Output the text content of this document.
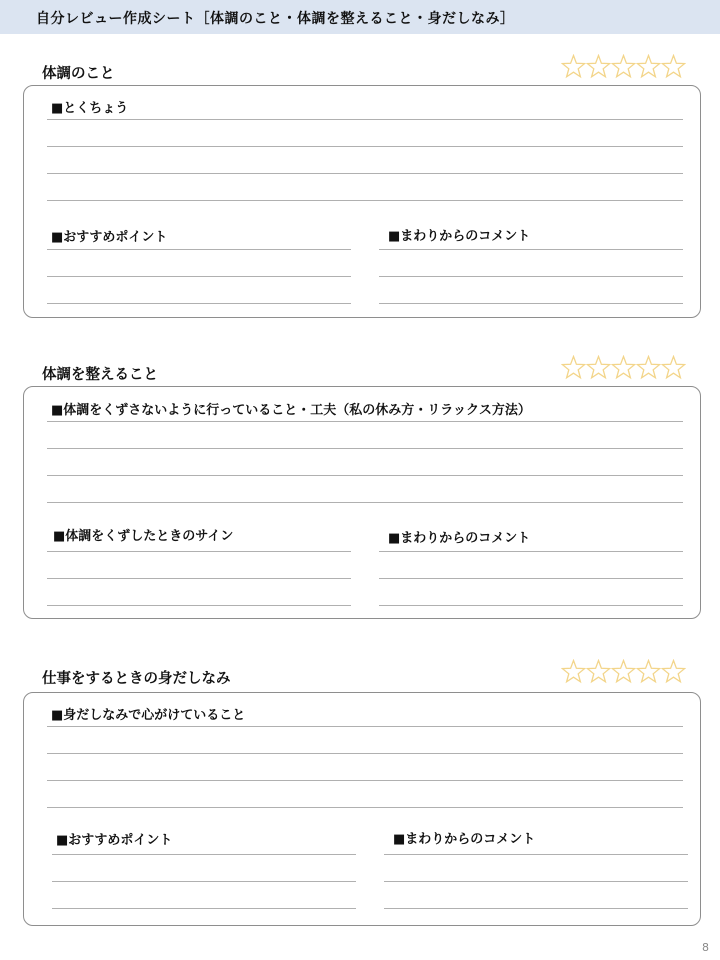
自分レビュー作成シート［体調のこと・体調を整えること・身だしなみ］
体調のこと
■とくちょう
■おすすめポイント	■まわりからのコメント
体調を整えること
■体調をくずさないように行っていること・工夫（私の休み方・リラックス方法）
■体調をくずしたときのサイン	■まわりからのコメント
仕事をするときの身だしなみ
■身だしなみで心がけていること
■おすすめポイント	■まわりからのコメント
8
